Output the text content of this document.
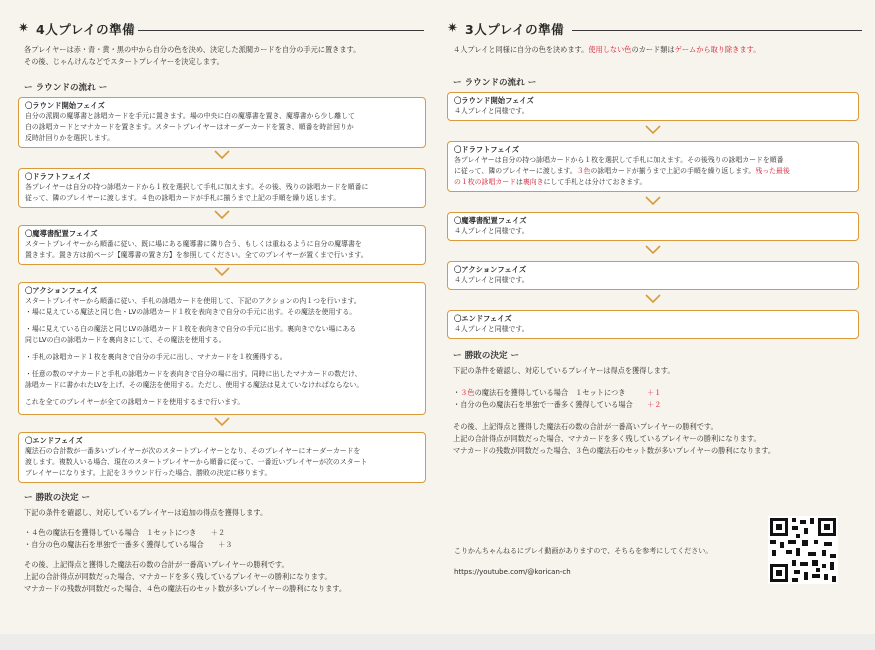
✷ 4人プレイの準備

各プレイヤーは赤・青・黄・黒の中から自分の色を決め、決定した派閥カードを自分の手元に置きます。

その後、じゃんけんなどでスタートプレイヤーを決定します。

ー ラウンドの流れ ー
〇ラウンド開始フェイズ
自分の派閥の魔導書と詠唱カードを手元に置きます。場の中央に白の魔導書を置き、魔導書から少し離して
白の詠唱カードとマナカードを置きます。スタートプレイヤーはオーダーカードを置き、順番を時計回りか
反時計回りかを選択します。
〇ドラフトフェイズ
各プレイヤーは自分の持つ詠唱カードから１枚を選択して手札に加えます。その後、残りの詠唱カードを順番に
従って、隣のプレイヤーに渡します。４色の詠唱カードが手札に揃うまで上記の手順を繰り返します。
〇魔導書配置フェイズ
スタートプレイヤーから順番に従い、既に場にある魔導書に隣り合う、もしくは重ねるように自分の魔導書を
置きます。置き方は前ページ【魔導書の置き方】を参照してください。全てのプレイヤーが置くまで行います。
〇アクションフェイズ
スタートプレイヤーから順番に従い、手札の詠唱カードを使用して、下記のアクションの内１つを行います。
・場に見えている魔法と同じ色・LVの詠唱カード１枚を表向きで自分の手元に出す。その魔法を使用する。
・場に見えている白の魔法と同じLVの詠唱カード１枚を表向きで自分の手元に出す。裏向きでない場にある
同じLVの白の詠唱カードを裏向きにして、その魔法を使用する。
・手札の詠唱カード１枚を裏向きで自分の手元に出し、マナカードを１枚獲得する。
・任意の数のマナカードと手札の詠唱カードを表向きで自分の場に出す。同時に出したマナカードの数だけ、
詠唱カードに書かれたLVを上げ、その魔法を使用する。ただし、使用する魔法は見えていなければならない。
これを全てのプレイヤーが全ての詠唱カードを使用するまで行います。
〇エンドフェイズ
魔法石の合計数が一番多いプレイヤーが次のスタートプレイヤーとなり、そのプレイヤーにオーダーカードを
渡します。複数人いる場合、現在のスタートプレイヤーから順番に従って、一番近いプレイヤーが次のスタート
プレイヤーになります。上記を３ラウンド行った場合、勝敗の決定に移ります。
ー 勝敗の決定 ー

下記の条件を確認し、対応しているプレイヤーは追加の得点を獲得します。

・４色の魔法石を獲得している場合　１セットにつき　　 ＋２

・自分の色の魔法石を単独で一番多く獲得している場合　　 ＋３

その後、上記得点と獲得した魔法石の数の合計が一番高いプレイヤーの勝利です。

上記の合計得点が同数だった場合、マナカードを多く残しているプレイヤーの勝利になります。

マナカードの残数が同数だった場合、４色の魔法石のセット数が多いプレイヤーの勝利になります。

✷ 3人プレイの準備

４人プレイと同様に自分の色を決めます。使用しない色のカード類はゲームから取り除きます。

ー ラウンドの流れ ー
〇ラウンド開始フェイズ
４人プレイと同様です。
〇ドラフトフェイズ
各プレイヤーは自分の持つ詠唱カードから１枚を選択して手札に加えます。その後残りの詠唱カードを順番
に従って、隣のプレイヤーに渡します。３色の詠唱カードが揃うまで上記の手順を繰り返します。残った最後
の１枚の詠唱カードは裏向きにして手札とは分けておきます。
〇魔導書配置フェイズ
４人プレイと同様です。
〇アクションフェイズ
４人プレイと同様です。
〇エンドフェイズ
４人プレイと同様です。
ー 勝敗の決定 ー

下記の条件を確認し、対応しているプレイヤーは得点を獲得します。

・３色の魔法石を獲得している場合　１セットにつき　　　	＋１

・自分の色の魔法石を単独で一番多く獲得している場合　　 ＋２

その後、上記得点と獲得した魔法石の数の合計が一番高いプレイヤーの勝利です。

上記の合計得点が同数だった場合、マナカードを多く残しているプレイヤーの勝利になります。

マナカードの残数が同数だった場合、３色の魔法石のセット数が多いプレイヤーの勝利になります。

こりかんちゃんねるにプレイ動画がありますので、そちらを参考にしてください。
https://youtube.com/@korican-ch
